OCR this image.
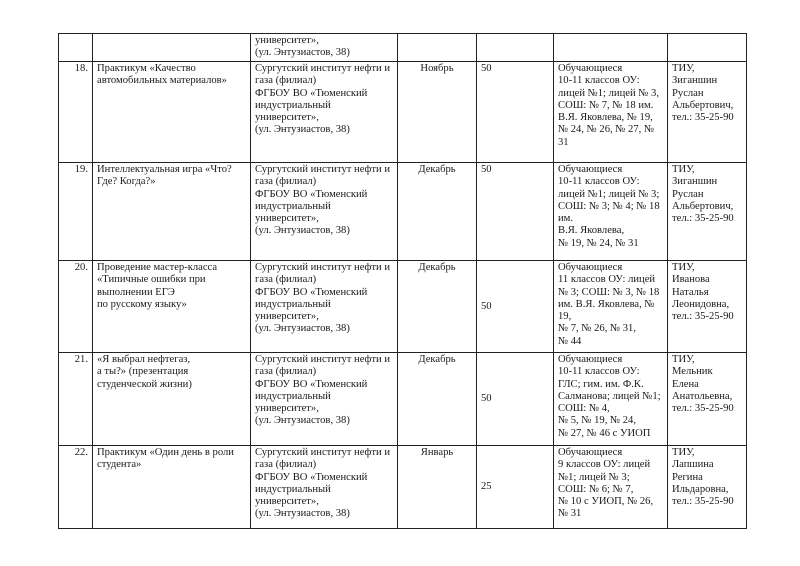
		университет»,
(ул. Энтузиастов, 38)				
18.	Практикум «Качество автомобильных материалов»	Сургутский институт нефти и газа (филиал)
ФГБОУ ВО «Тюменский индустриальный университет»,
(ул. Энтузиастов, 38)	Ноябрь	50	Обучающиеся
10-11 классов ОУ: лицей №1; лицей № 3, СОШ: № 7, № 18 им. В.Я. Яковлева, № 19, № 24, № 26, № 27, № 31	ТИУ,
Зиганшин Руслан Альбертович, тел.: 35-25-90
19.	Интеллектуальная игра «Что? Где? Когда?»	Сургутский институт нефти и газа (филиал)
ФГБОУ ВО «Тюменский индустриальный университет»,
(ул. Энтузиастов, 38)	Декабрь	50	Обучающиеся
10-11 классов ОУ: лицей №1; лицей № 3; СОШ: № 3; № 4; № 18 им.
В.Я. Яковлева,
№ 19, № 24, № 31	ТИУ,
Зиганшин Руслан Альбертович, тел.: 35-25-90
20.	Проведение мастер-класса «Типичные ошибки при выполнении ЕГЭ
по русскому языку»	Сургутский институт нефти и газа (филиал)
ФГБОУ ВО «Тюменский индустриальный университет»,
(ул. Энтузиастов, 38)	Декабрь	50	Обучающиеся
11 классов ОУ: лицей № 3; СОШ: № 3, № 18 им. В.Я. Яковлева, № 19,
№ 7, № 26, № 31,
№ 44	ТИУ,
Иванова Наталья Леонидовна, тел.: 35-25-90
21.	«Я выбрал нефтегаз,
а ты?» (презентация студенческой жизни)	Сургутский институт нефти и газа (филиал)
ФГБОУ ВО «Тюменский индустриальный университет»,
(ул. Энтузиастов, 38)	Декабрь	50	Обучающиеся
10-11 классов ОУ: ГЛС; гим. им. Ф.К. Салманова; лицей №1; СОШ: № 4,
№ 5, № 19, № 24,
№ 27, № 46 с УИОП	ТИУ,
Мельник Елена Анатольевна, тел.: 35-25-90
22.	Практикум «Один день в роли студента»	Сургутский институт нефти и газа (филиал)
ФГБОУ ВО «Тюменский индустриальный университет»,
(ул. Энтузиастов, 38)	Январь	25	Обучающиеся
9 классов ОУ: лицей №1; лицей № 3;
СОШ: № 6; № 7,
№ 10 с УИОП, № 26,
№ 31	ТИУ,
Лапшина Регина Ильдаровна, тел.: 35-25-90
